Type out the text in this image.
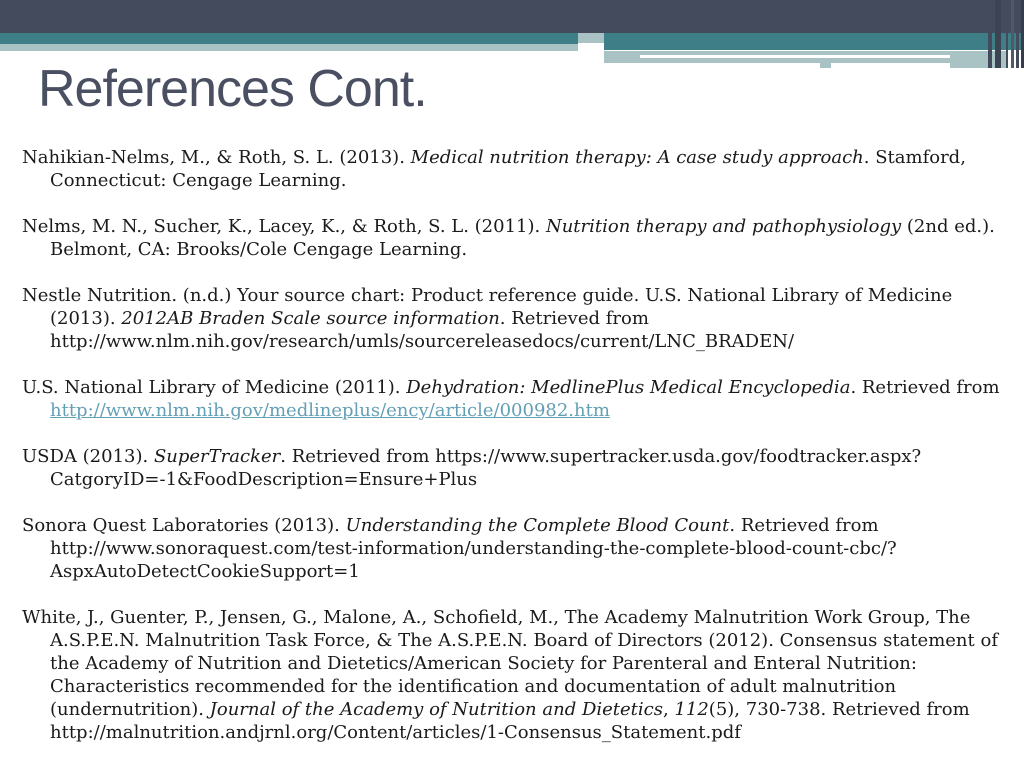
References Cont.

Nahikian-Nelms, M., & Roth, S. L. (2013). Medical nutrition therapy: A case study approach. Stamford, Connecticut: Cengage Learning.

Nelms, M. N., Sucher, K., Lacey, K., & Roth, S. L. (2011). Nutrition therapy and pathophysiology (2nd ed.). Belmont, CA: Brooks/Cole Cengage Learning.

Nestle Nutrition. (n.d.) Your source chart: Product reference guide. U.S. National Library of Medicine (2013). 2012AB Braden Scale source information. Retrieved from http://www.nlm.nih.gov/research/umls/sourcereleasedocs/current/LNC_BRADEN/

U.S. National Library of Medicine (2011). Dehydration: MedlinePlus Medical Encyclopedia. Retrieved from http://www.nlm.nih.gov/medlineplus/ency/article/000982.htm

USDA (2013). SuperTracker. Retrieved from https://www.supertracker.usda.gov/foodtracker.aspx?CatgoryID=-1&FoodDescription=Ensure+Plus

Sonora Quest Laboratories (2013). Understanding the Complete Blood Count. Retrieved from http://www.sonoraquest.com/test-information/understanding-the-complete-blood-count-cbc/?AspxAutoDetectCookieSupport=1

White, J., Guenter, P., Jensen, G., Malone, A., Schofield, M., The Academy Malnutrition Work Group, The A.S.P.E.N. Malnutrition Task Force, & The A.S.P.E.N. Board of Directors (2012). Consensus statement of the Academy of Nutrition and Dietetics/American Society for Parenteral and Enteral Nutrition: Characteristics recommended for the identification and documentation of adult malnutrition (undernutrition). Journal of the Academy of Nutrition and Dietetics, 112(5), 730-738. Retrieved from http://malnutrition.andjrnl.org/Content/articles/1-Consensus_Statement.pdf
